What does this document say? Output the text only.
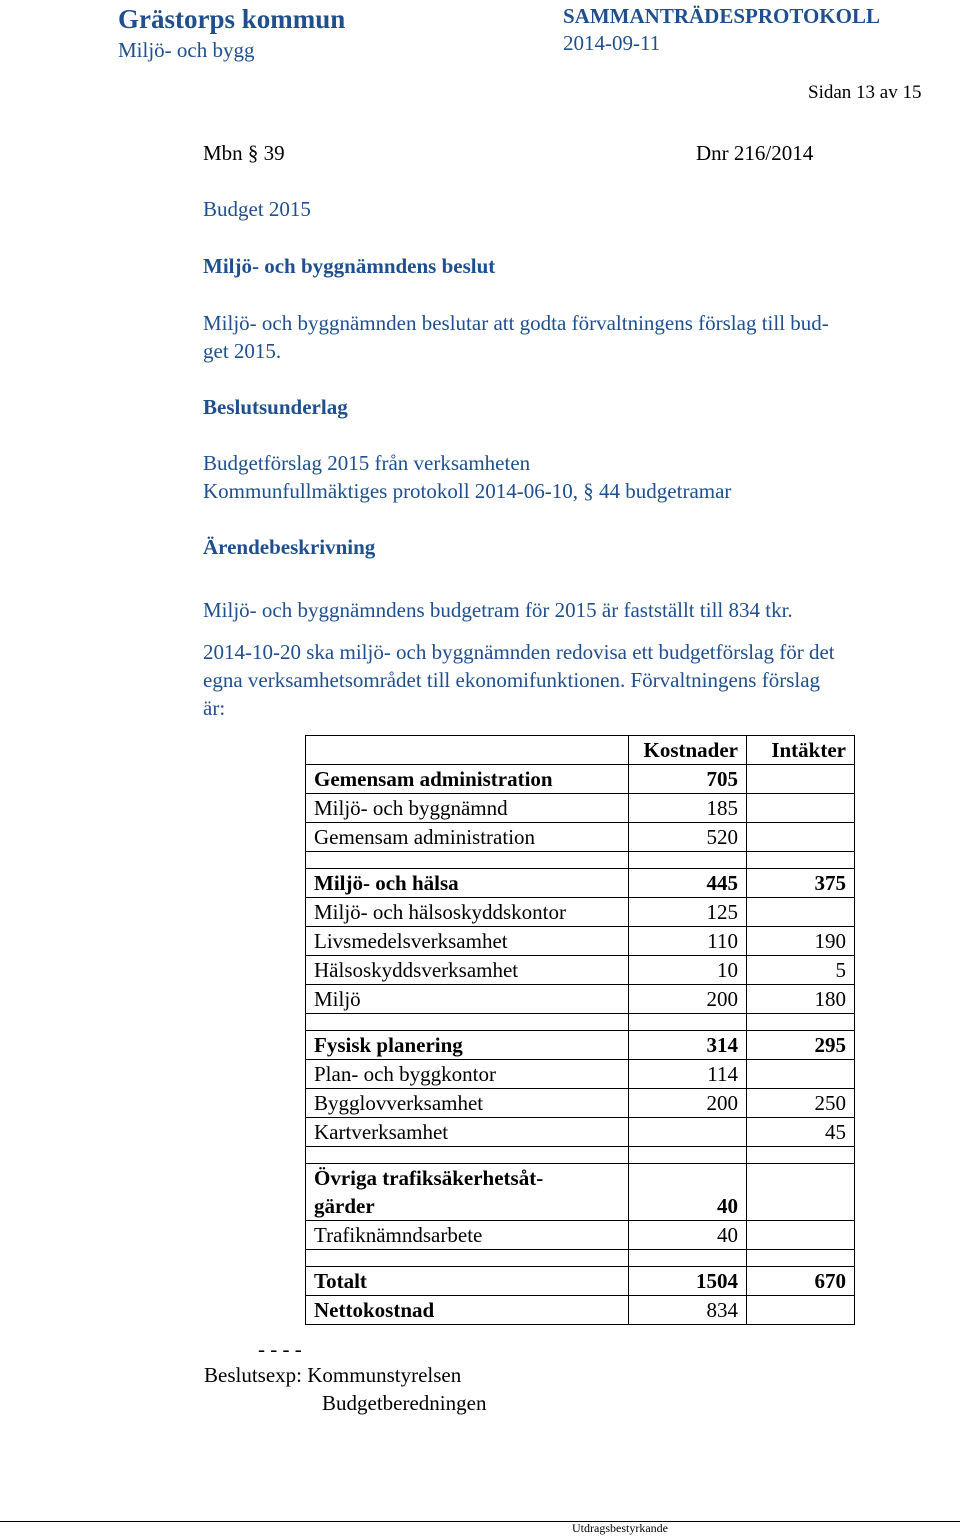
Grästorps kommun
Miljö- och bygg
SAMMANTRÄDESPROTOKOLL
2014-09-11
Sidan 13 av 15
Mbn § 39	Dnr 216/2014
Budget 2015
Miljö- och byggnämndens beslut
Miljö- och byggnämnden beslutar att godta förvaltningens förslag till bud-
get 2015.
Beslutsunderlag
Budgetförslag 2015 från verksamheten
Kommunfullmäktiges protokoll 2014-06-10, § 44 budgetramar
Ärendebeskrivning
Miljö- och byggnämndens budgetram för 2015 är fastställt till 834 tkr.
2014-10-20 ska miljö- och byggnämnden redovisa ett budgetförslag för det
egna verksamhetsområdet till ekonomifunktionen. Förvaltningens förslag
är:
	Kostnader	Intäkter
Gemensam administration	705	
Miljö- och byggnämnd	185	
Gemensam administration	520	

Miljö- och hälsa	445	375
Miljö- och hälsoskyddskontor	125	
Livsmedelsverksamhet	110	190
Hälsoskyddsverksamhet	10	5
Miljö	200	180

Fysisk planering	314	295
Plan- och byggkontor	114	
Bygglovverksamhet	200	250
Kartverksamhet		45

Övriga trafiksäkerhetsåt-
gärder	40	
Trafiknämndsarbete	40	

Totalt	1504	670
Nettokostnad	834	
- - - -
Beslutsexp: Kommunstyrelsen
Budgetberedningen
Utdragsbestyrkande
